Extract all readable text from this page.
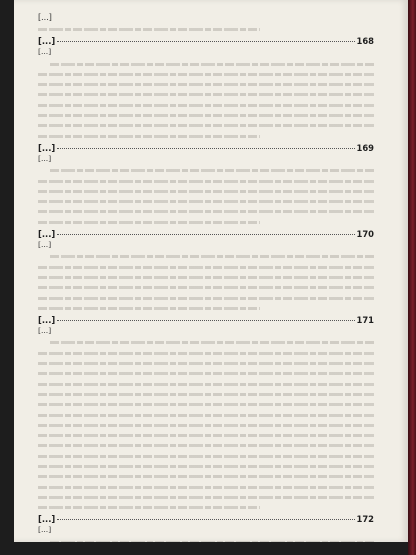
[...]
[...]	168
[...]
[...]	169
[...]
[...]	170
[...]
[...]	171
[...]
[...]	172
[...]
